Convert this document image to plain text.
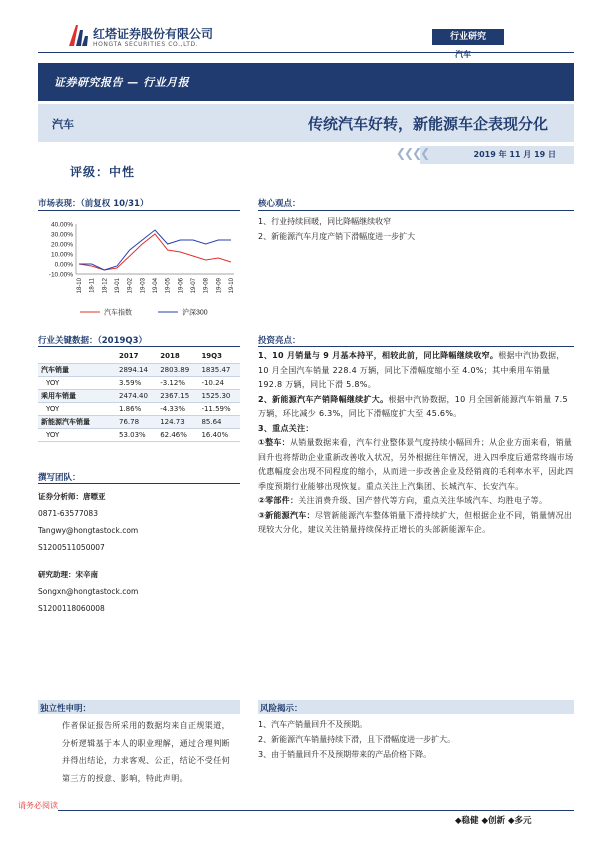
红塔证券股份有限公司
HONGTA SECURITIES CO.,LTD.
行业研究
汽车
证券研究报告 — 行业月报
汽车	传统汽车好转，新能源车企表现分化
❮❮❮❮	2019 年 11 月 19 日
评级：中性
市场表现：（前复权 10/31）
40.00%
30.00%
20.00%
10.00%
0.00%
-10.00%
18-10 18-11 18-12 19-01 19-02 19-03 19-04 19-05 19-06 19-07 19-08 19-09 19-10
汽车指数	沪深300
行业关键数据：（2019Q3）
	2017	2018	19Q3
汽车销量	2894.14	2803.89	1835.47
YOY	3.59%	-3.12%	-10.24
乘用车销量	2474.40	2367.15	1525.30
YOY	1.86%	-4.33%	-11.59%
新能源汽车销量	76.78	124.73	85.64
YOY	53.03%	62.46%	16.40%
撰写团队：
证券分析师：唐嘌亚
0871-63577083
Tangwy@hongtastock.com
S1200511050007
研究助理：宋辛南
Songxn@hongtastock.com
S1200118060008
核心观点：
1、行业持续回暖，同比降幅继续收窄
2、新能源汽车月度产销下滑幅度进一步扩大
投资亮点：
1、10 月销量与 9 月基本持平，相较此前，同比降幅继续收窄。根据中汽协数据，10 月全国汽车销量 228.4 万辆，同比下滑幅度缩小至 4.0%；其中乘用车销量 192.8 万辆，同比下滑 5.8%。
2、新能源汽车产销降幅继续扩大。根据中汽协数据，10 月全国新能源汽车销量 7.5 万辆，环比减少 6.3%，同比下滑幅度扩大至 45.6%。
3、重点关注：
①整车：从销量数据来看，汽车行业整体景气度持续小幅回升；从企业方面来看，销量回升也将帮助企业重新改善收入状况，另外根据往年情况，进入四季度后通常终端市场优惠幅度会出现不同程度的缩小，从而进一步改善企业及经销商的毛利率水平，因此四季度预期行业能够出现恢复。重点关注上汽集团、长城汽车、长安汽车。
②零部件：关注消费升级、国产替代等方向，重点关注华域汽车、均胜电子等。
③新能源汽车：尽管新能源汽车整体销量下滑持续扩大，但根据企业不同，销量情况出现较大分化，建议关注销量持续保持正增长的头部新能源车企。
独立性申明：
作者保证报告所采用的数据均来自正规渠道，分析逻辑基于本人的职业理解，通过合理判断并得出结论，力求客观、公正，结论不受任何第三方的授意、影响，特此声明。
风险揭示：
1、汽车产销量回升不及预期。
2、新能源汽车销量持续下滑，且下滑幅度进一步扩大。
3、由于销量回升不及预期带来的产品价格下降。
请务必阅读
◆稳健 ◆创新 ◆多元
